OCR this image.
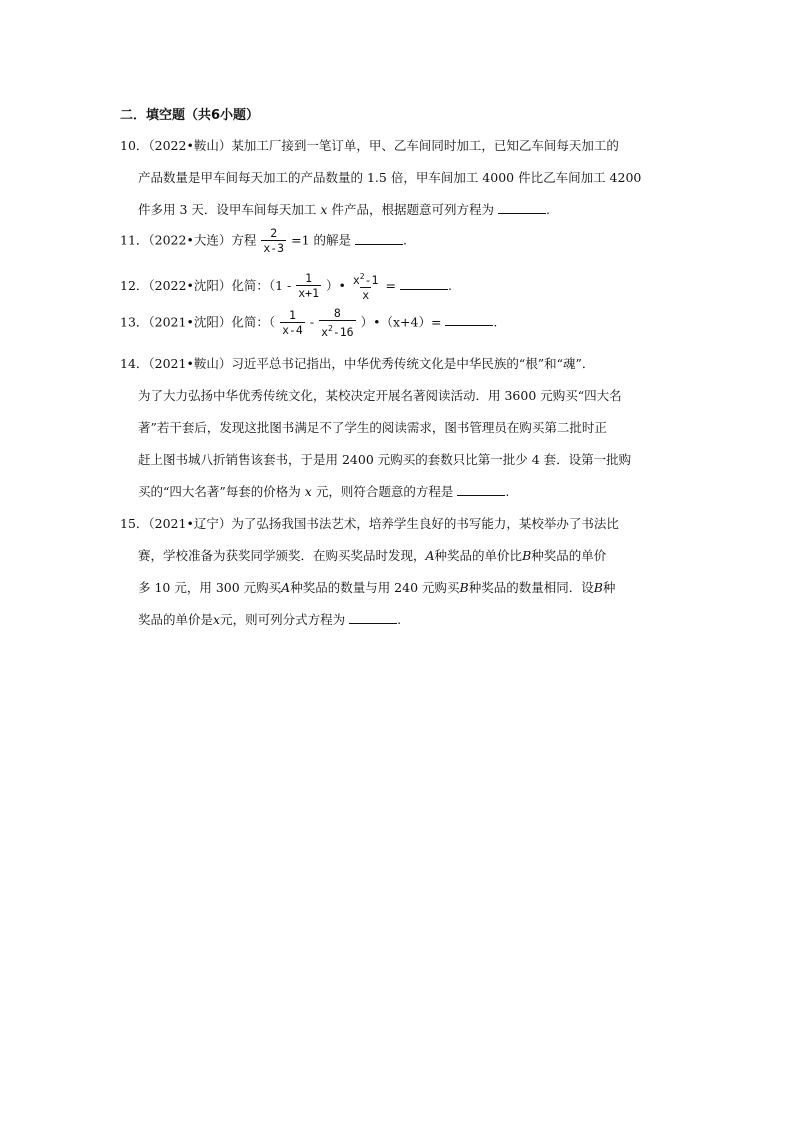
二．填空题（共6小题）
10．（2022•鞍山）某加工厂接到一笔订单，甲、乙车间同时加工，已知乙车间每天加工的
产品数量是甲车间每天加工的产品数量的 1.5 倍，甲车间加工 4000 件比乙车间加工 4200
件多用 3 天．设甲车间每天加工 x 件产品，根据题意可列方程为	.
11．（2022•大连）方程 $\frac{2}{x-3} =1$ 的解是	.
12．（2022•沈阳）化简：（$1 - \frac{1}{x+1}$ ）• $\frac{x^2-1}{x}$ =	.
13．（2021•沈阳）化简：（ $\frac{1}{x-4} - \frac{8}{x^2-16}$ ）•（x+4）=	.
14．（2021•鞍山）习近平总书记指出，中华优秀传统文化是中华民族的“根”和“魂”．
为了大力弘扬中华优秀传统文化，某校决定开展名著阅读活动．用 3600 元购买“四大名
著”若干套后，发现这批图书满足不了学生的阅读需求，图书管理员在购买第二批时正
赶上图书城八折销售该套书，于是用 2400 元购买的套数只比第一批少 4 套．设第一批购
买的“四大名著”每套的价格为 x 元，则符合题意的方程是	.
15．（2021•辽宁）为了弘扬我国书法艺术，培养学生良好的书写能力，某校举办了书法比
赛，学校准备为获奖同学颁奖．在购买奖品时发现，A种奖品的单价比B种奖品的单价
多 10 元，用 300 元购买A种奖品的数量与用 240 元购买B种奖品的数量相同．设B种
奖品的单价是x元，则可列分式方程为	.
